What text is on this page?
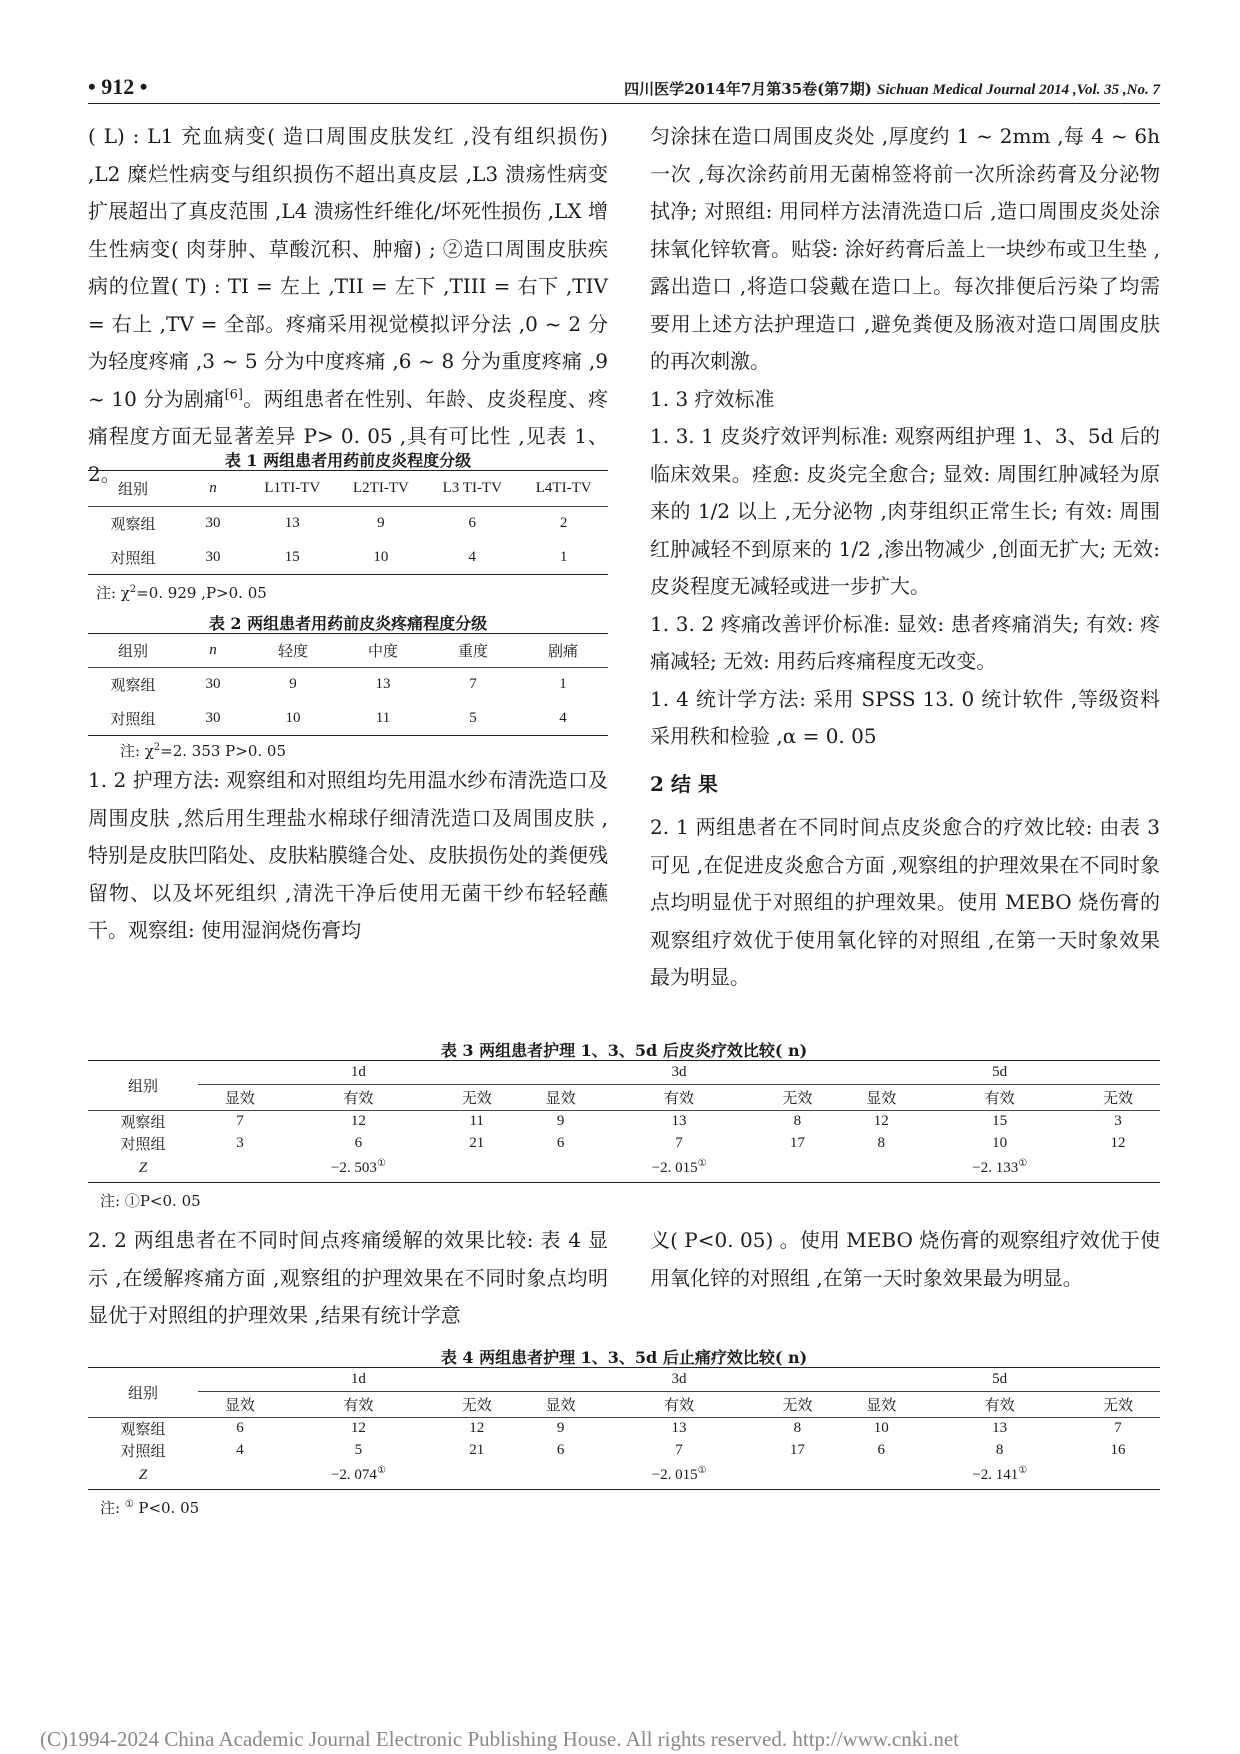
• 912 •	四川医学2014年7月第35卷(第7期) Sichuan Medical Journal 2014 ,Vol. 35 ,No. 7

( L) : L1 充血病变( 造口周围皮肤发红 ,没有组织损伤) ,L2 糜烂性病变与组织损伤不超出真皮层 ,L3 溃疡性病变扩展超出了真皮范围 ,L4 溃疡性纤维化/坏死性损伤 ,LX 增生性病变( 肉芽肿、草酸沉积、肿瘤) ; ②造口周围皮肤疾病的位置( T) : TI = 左上 ,TII = 左下 ,TIII = 右下 ,TIV = 右上 ,TV = 全部。疼痛采用视觉模拟评分法 ,0 ~ 2 分为轻度疼痛 ,3 ~ 5 分为中度疼痛 ,6 ~ 8 分为重度疼痛 ,9 ~ 10 分为剧痛[6]。两组患者在性别、年龄、皮炎程度、疼痛程度方面无显著差异 P> 0. 05 ,具有可比性 ,见表 1、2。

表 1 两组患者用药前皮炎程度分级
组别	n	L1TI-TV	L2TI-TV	L3 TI-TV	L4TI-TV
观察组	30	13	9	6	2
对照组	30	15	10	4	1
注: $\chi^2=0$. 929 ,P>0. 05
表 2 两组患者用药前皮炎疼痛程度分级
组别	n	轻度	中度	重度	剧痛
观察组	30	9	13	7	1
对照组	30	10	11	5	4
注: $\chi^2=2$. 353 P>0. 05

1. 2 护理方法: 观察组和对照组均先用温水纱布清洗造口及周围皮肤 ,然后用生理盐水棉球仔细清洗造口及周围皮肤 ,特别是皮肤凹陷处、皮肤粘膜缝合处、皮肤损伤处的粪便残留物、以及坏死组织 ,清洗干净后使用无菌干纱布轻轻蘸干。观察组: 使用湿润烧伤膏均

匀涂抹在造口周围皮炎处 ,厚度约 1 ~ 2mm ,每 4 ~ 6h 一次 ,每次涂药前用无菌棉签将前一次所涂药膏及分泌物拭净; 对照组: 用同样方法清洗造口后 ,造口周围皮炎处涂抹氧化锌软膏。贴袋: 涂好药膏后盖上一块纱布或卫生垫 ,露出造口 ,将造口袋戴在造口上。每次排便后污染了均需要用上述方法护理造口 ,避免粪便及肠液对造口周围皮肤的再次刺激。

1. 3 疗效标准

1. 3. 1 皮炎疗效评判标准: 观察两组护理 1、3、5d 后的临床效果。痊愈: 皮炎完全愈合; 显效: 周围红肿减轻为原来的 1/2 以上 ,无分泌物 ,肉芽组织正常生长; 有效: 周围红肿减轻不到原来的 1/2 ,渗出物减少 ,创面无扩大; 无效: 皮炎程度无减轻或进一步扩大。

1. 3. 2 疼痛改善评价标准: 显效: 患者疼痛消失; 有效: 疼痛减轻; 无效: 用药后疼痛程度无改变。

1. 4 统计学方法: 采用 SPSS 13. 0 统计软件 ,等级资料采用秩和检验 ,α = 0. 05

2 结 果

2. 1 两组患者在不同时间点皮炎愈合的疗效比较: 由表 3 可见 ,在促进皮炎愈合方面 ,观察组的护理效果在不同时象点均明显优于对照组的护理效果。使用 MEBO 烧伤膏的观察组疗效优于使用氧化锌的对照组 ,在第一天时象效果最为明显。

表 3 两组患者护理 1、3、5d 后皮炎疗效比较( n)
组别	1d			3d			5d		
	显效	有效	无效	显效	有效	无效	显效	有效	无效
观察组	7	12	11	9	13	8	12	15	3
对照组	3	6	21	6	7	17	8	10	12
Z		−2. 503①			−2. 015①			−2. 133①	
注: ①P<0. 05

2. 2 两组患者在不同时间点疼痛缓解的效果比较: 表 4 显示 ,在缓解疼痛方面 ,观察组的护理效果在不同时象点均明显优于对照组的护理效果 ,结果有统计学意

义( P<0. 05) 。使用 MEBO 烧伤膏的观察组疗效优于使用氧化锌的对照组 ,在第一天时象效果最为明显。

表 4 两组患者护理 1、3、5d 后止痛疗效比较( n)
组别	1d			3d			5d		
	显效	有效	无效	显效	有效	无效	显效	有效	无效
观察组	6	12	12	9	13	8	10	13	7
对照组	4	5	21	6	7	17	6	8	16
Z		−2. 074①			−2. 015①			−2. 141①	
注: ① P<0. 05
(C)1994-2024 China Academic Journal Electronic Publishing House. All rights reserved. http://www.cnki.net
